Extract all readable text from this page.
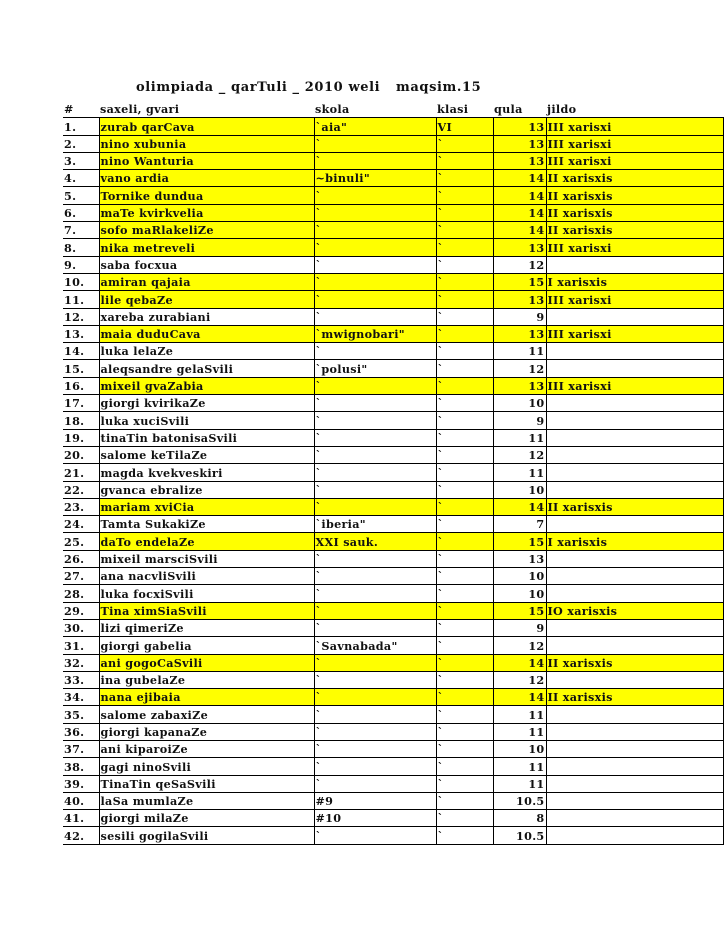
olimpiada _ qarTuli _ 2010 weli maqsim.15
#	saxeli, gvari	skola	klasi	qula	jildo
1.	zurab qarCava	`aia"	VI	13	III xarisxi
2.	nino xubunia	`	`	13	III xarisxi
3.	nino Wanturia	`	`	13	III xarisxi
4.	vano ardia	~binuli"	`	14	II xarisxis
5.	Tornike dundua	`	`	14	II xarisxis
6.	maTe kvirkvelia	`	`	14	II xarisxis
7.	sofo maRlakeliZe	`	`	14	II xarisxis
8.	nika metreveli	`	`	13	III xarisxi
9.	saba focxua	`	`	12	
10.	amiran qajaia	`	`	15	I xarisxis
11.	lile qebaZe	`	`	13	III xarisxi
12.	xareba zurabiani	`	`	9	
13.	maia duduCava	`mwignobari"	`	13	III xarisxi
14.	luka lelaZe	`	`	11	
15.	aleqsandre gelaSvili	`polusi"	`	12	
16.	mixeil gvaZabia	`	`	13	III xarisxi
17.	giorgi kvirikaZe	`	`	10	
18.	luka xuciSvili	`	`	9	
19.	tinaTin batonisaSvili	`	`	11	
20.	salome keTilaZe	`	`	12	
21.	magda kvekveskiri	`	`	11	
22.	gvanca ebralize	`	`	10	
23.	mariam xviCia	`	`	14	II xarisxis
24.	Tamta SukakiZe	`iberia"	`	7	
25.	daTo endelaZe	XXI sauk.	`	15	I xarisxis
26.	mixeil marsciSvili	`	`	13	
27.	ana nacvliSvili	`	`	10	
28.	luka focxiSvili	`	`	10	
29.	Tina ximSiaSvili	`	`	15	IO xarisxis
30.	lizi qimeriZe	`	`	9	
31.	giorgi gabelia	`Savnabada"	`	12	
32.	ani gogoCaSvili	`	`	14	II xarisxis
33.	ina gubelaZe	`	`	12	
34.	nana ejibaia	`	`	14	II xarisxis
35.	salome zabaxiZe	`	`	11	
36.	giorgi kapanaZe	`	`	11	
37.	ani kiparoiZe	`	`	10	
38.	gagi ninoSvili	`	`	11	
39.	TinaTin qeSaSvili	`	`	11	
40.	laSa mumlaZe	#9	`	10.5	
41.	giorgi milaZe	#10	`	8	
42.	sesili gogilaSvili	`	`	10.5	
